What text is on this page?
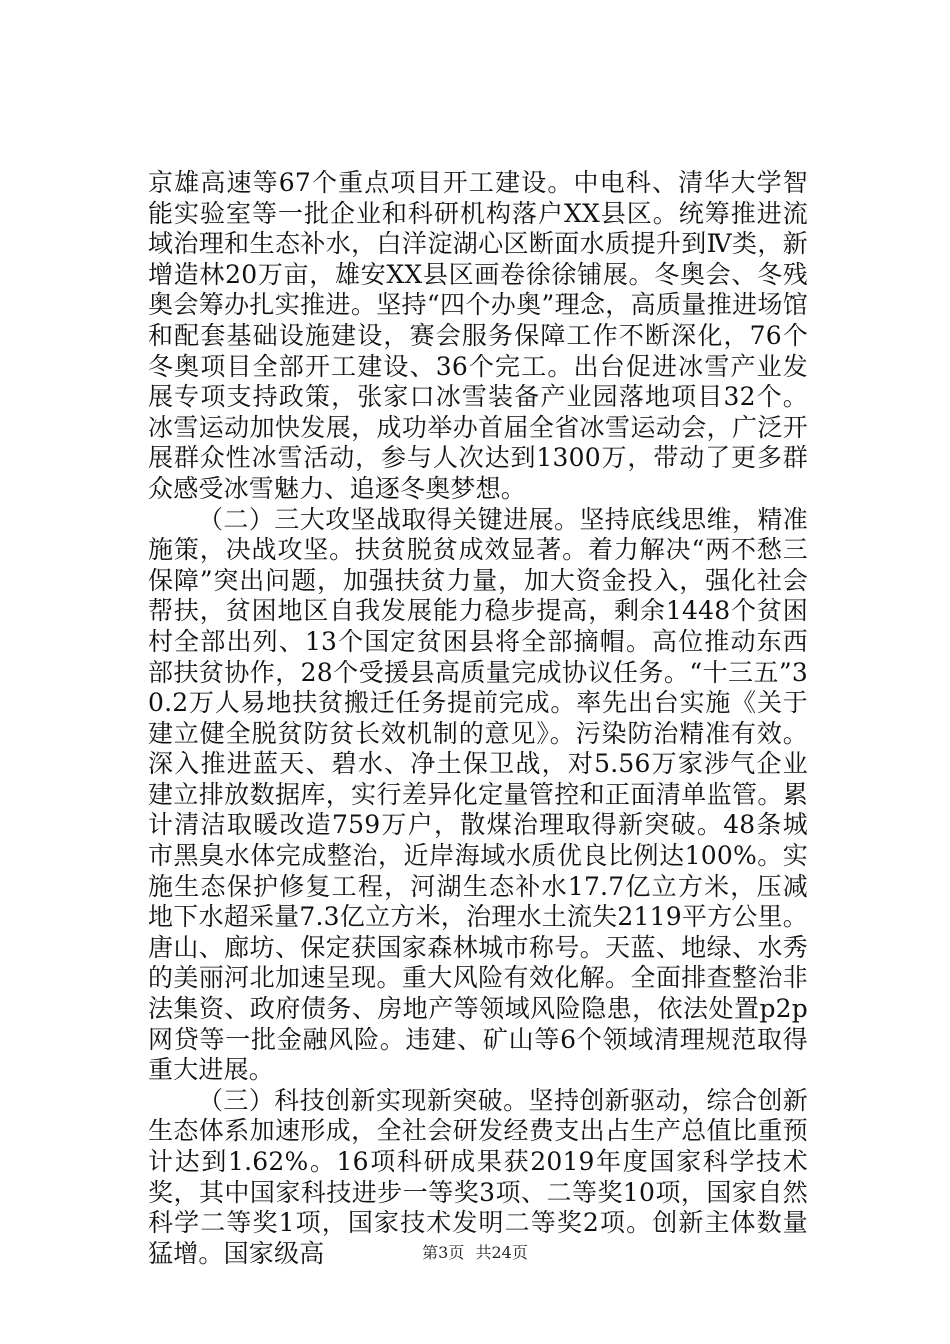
京雄高速等67个重点项目开工建设。中电科、清华大学智能实验室等一批企业和科研机构落户XX县区。统筹推进流域治理和生态补水，白洋淀湖心区断面水质提升到Ⅳ类，新增造林20万亩，雄安XX县区画卷徐徐铺展。冬奥会、冬残奥会筹办扎实推进。坚持“四个办奥”理念，高质量推进场馆和配套基础设施建设，赛会服务保障工作不断深化，76个冬奥项目全部开工建设、36个完工。出台促进冰雪产业发展专项支持政策，张家口冰雪装备产业园落地项目32个。冰雪运动加快发展，成功举办首届全省冰雪运动会，广泛开展群众性冰雪活动，参与人次达到1300万，带动了更多群众感受冰雪魅力、追逐冬奥梦想。

（二）三大攻坚战取得关键进展。坚持底线思维，精准施策，决战攻坚。扶贫脱贫成效显著。着力解决“两不愁三保障”突出问题，加强扶贫力量，加大资金投入，强化社会帮扶，贫困地区自我发展能力稳步提高，剩余1448个贫困村全部出列、13个国定贫困县将全部摘帽。高位推动东西部扶贫协作，28个受援县高质量完成协议任务。“十三五”30.2万人易地扶贫搬迁任务提前完成。率先出台实施《关于建立健全脱贫防贫长效机制的意见》。污染防治精准有效。深入推进蓝天、碧水、净土保卫战，对5.56万家涉气企业建立排放数据库，实行差异化定量管控和正面清单监管。累计清洁取暖改造759万户，散煤治理取得新突破。48条城市黑臭水体完成整治，近岸海域水质优良比例达100%。实施生态保护修复工程，河湖生态补水17.7亿立方米，压减地下水超采量7.3亿立方米，治理水土流失2119平方公里。唐山、廊坊、保定获国家森林城市称号。天蓝、地绿、水秀的美丽河北加速呈现。重大风险有效化解。全面排查整治非法集资、政府债务、房地产等领域风险隐患，依法处置p2p网贷等一批金融风险。违建、矿山等6个领域清理规范取得重大进展。

（三）科技创新实现新突破。坚持创新驱动，综合创新生态体系加速形成，全社会研发经费支出占生产总值比重预计达到1.62%。16项科研成果获2019年度国家科学技术奖，其中国家科技进步一等奖3项、二等奖10项，国家自然科学二等奖1项，国家技术发明二等奖2项。创新主体数量猛增。国家级高	第3页 共24页
